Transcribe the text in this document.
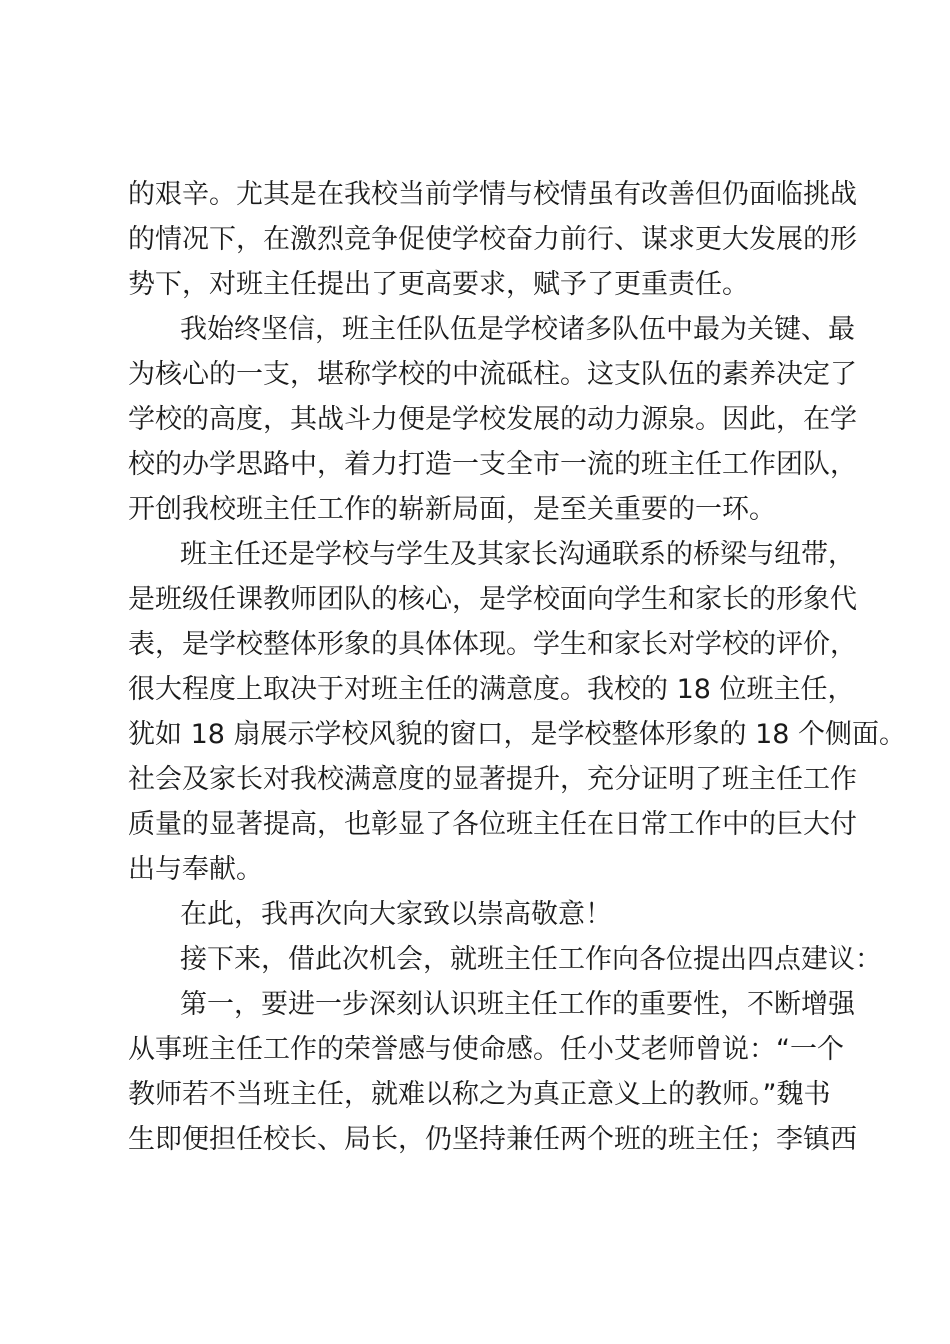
的艰辛。尤其是在我校当前学情与校情虽有改善但仍面临挑战
的情况下，在激烈竞争促使学校奋力前行、谋求更大发展的形
势下，对班主任提出了更高要求，赋予了更重责任。
我始终坚信，班主任队伍是学校诸多队伍中最为关键、最
为核心的一支，堪称学校的中流砥柱。这支队伍的素养决定了
学校的高度，其战斗力便是学校发展的动力源泉。因此，在学
校的办学思路中，着力打造一支全市一流的班主任工作团队，
开创我校班主任工作的崭新局面，是至关重要的一环。
班主任还是学校与学生及其家长沟通联系的桥梁与纽带，
是班级任课教师团队的核心，是学校面向学生和家长的形象代
表，是学校整体形象的具体体现。学生和家长对学校的评价，
很大程度上取决于对班主任的满意度。我校的 18 位班主任，
犹如 18 扇展示学校风貌的窗口，是学校整体形象的 18 个侧面。
社会及家长对我校满意度的显著提升，充分证明了班主任工作
质量的显著提高，也彰显了各位班主任在日常工作中的巨大付
出与奉献。
在此，我再次向大家致以崇高敬意！
接下来，借此次机会，就班主任工作向各位提出四点建议：
第一，要进一步深刻认识班主任工作的重要性，不断增强
从事班主任工作的荣誉感与使命感。任小艾老师曾说：“一个
教师若不当班主任，就难以称之为真正意义上的教师。”魏书
生即便担任校长、局长，仍坚持兼任两个班的班主任；李镇西
